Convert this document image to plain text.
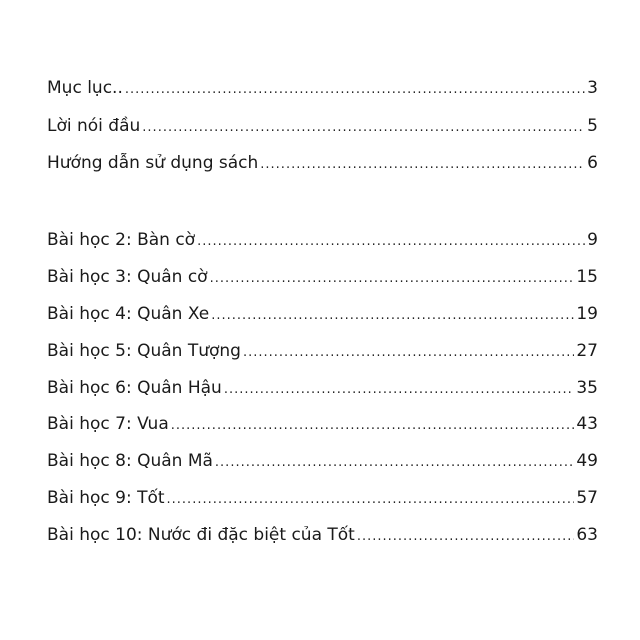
Mục lục.. .....	3
Lời nói đầu .....	5
Hướng dẫn sử dụng sách .....	6
Bài học 2: Bàn cờ .....	9
Bài học 3: Quân cờ .....	15
Bài học 4: Quân Xe .....	19
Bài học 5: Quân Tượng .....	27
Bài học 6: Quân Hậu .....	35
Bài học 7: Vua .....	43
Bài học 8: Quân Mã .....	49
Bài học 9: Tốt .....	57
Bài học 10: Nước đi đặc biệt của Tốt .....	63
